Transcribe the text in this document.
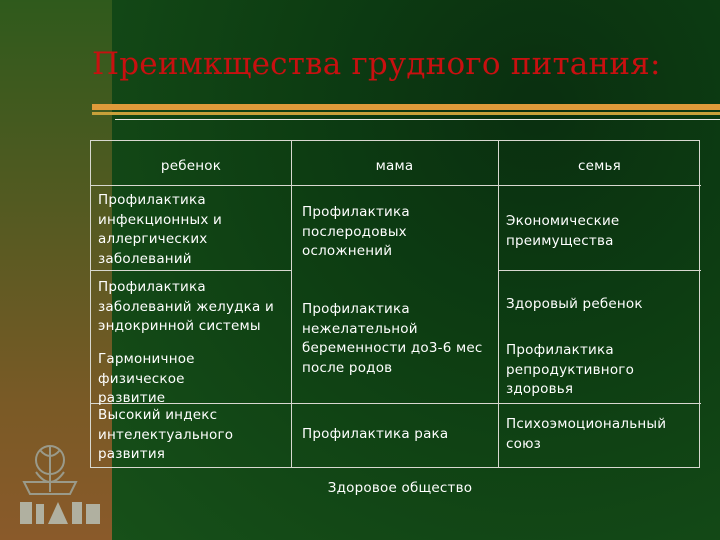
Преимкщества грудного питания:
ребенок	мама	семья
Профилактика инфекционных и аллергических заболеваний
Профилактика заболеваний желудка и эндокринной системы
Гармоничное физическое развитие
Высокий индекс интелектуального развития
Профилактика послеродовых осложнений
Профилактика нежелательной беременности до3-6 мес после родов
Профилактика рака
Экономические преимущества
Здоровый ребенок
Профилактика репродуктивного здоровья
Психоэмоциональный союз
Здоровое общество
